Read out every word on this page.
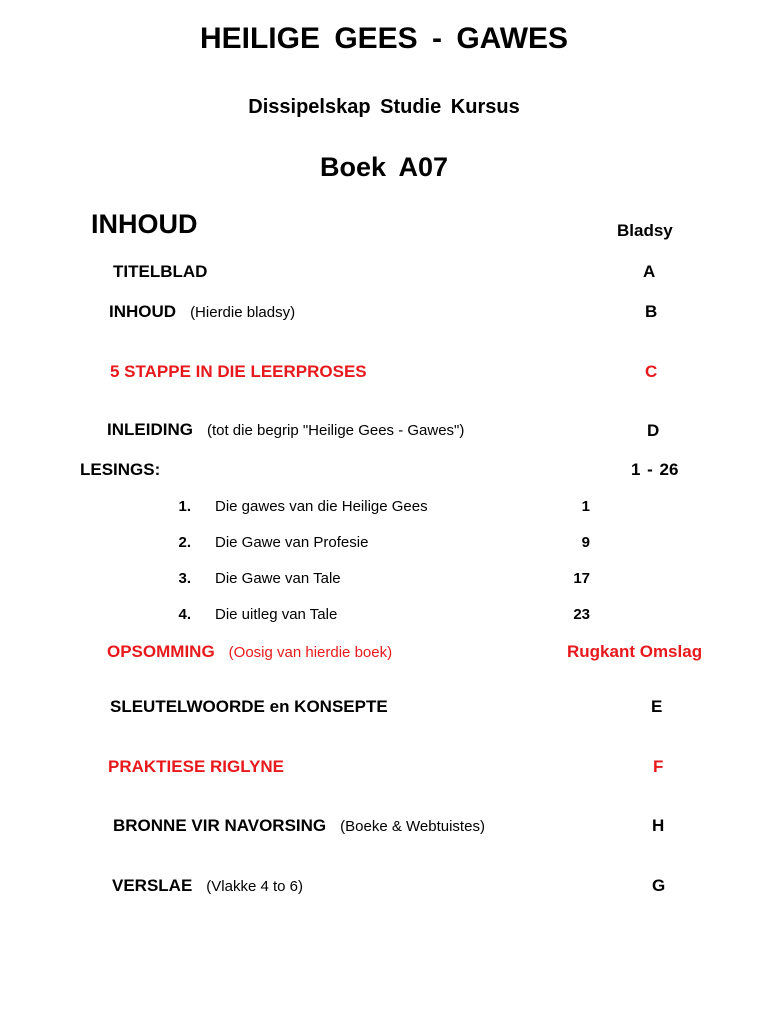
HEILIGE GEES - GAWES
Dissipelskap Studie Kursus
Boek A07
INHOUD	Bladsy
TITELBLAD	A
INHOUD (Hierdie bladsy)	B
5 STAPPE IN DIE LEERPROSES	C
INLEIDING (tot die begrip "Heilige Gees - Gawes")	D
LESINGS:	1 - 26
1. Die gawes van die Heilige Gees	1
2. Die Gawe van Profesie	9
3. Die Gawe van Tale	17
4. Die uitleg van Tale	23
OPSOMMING (Oosig van hierdie boek)	Rugkant Omslag
SLEUTELWOORDE en KONSEPTE	E
PRAKTIESE RIGLYNE	F
BRONNE VIR NAVORSING (Boeke & Webtuistes)	H
VERSLAE (Vlakke 4 to 6)	G
